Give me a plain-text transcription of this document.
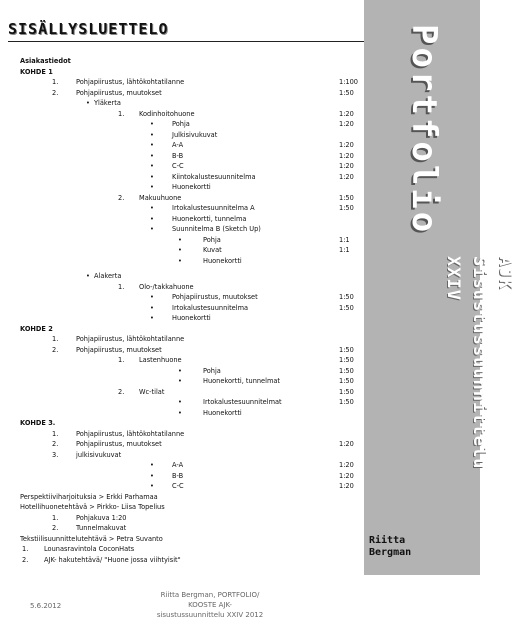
SISÄLLYSLUETTELO
Asiakastiedot
KOHDE 1
1.	Pohjapiirustus, lähtökohtatilanne	1:100
2.	Pohjapiirustus, muutokset	1:50
• Yläkerta
1. Kodinhoitohuone	1:20
•	Pohja	1:20
•	Julkisivukuvat
•	A-A	1:20
•	B-B	1:20
•	C-C	1:20
•	Kiintokalustesuunnitelma	1:20
•	Huonekortti
2. Makuuhuone	1:50
•	Irtokalustesuunnitelma A	1:50
•	Huonekortti, tunnelma
•	Suunnitelma B (Sketch Up)
•	Pohja	1:1
•	Kuvat	1:1
•	Huonekortti
• Alakerta
1. Olo-/takkahuone
•	Pohjapiirustus, muutokset	1:50
•	Irtokalustesuunnitelma	1:50
•	Huonekortti
KOHDE 2
1.	Pohjapiirustus, lähtökohtatilanne
2.	Pohjapiirustus, muutokset	1:50
1. Lastenhuone	1:50
•	Pohja	1:50
•	Huonekortti, tunnelmat	1:50
2. Wc-tilat	1:50
•	Irtokalustesuunnitelmat	1:50
•	Huonekortti
KOHDE 3.
1.	Pohjapiirustus, lähtökohtatilanne
2.	Pohjapiirustus, muutokset	1:20
3.	julkisivukuvat
•	A-A	1:20
•	B-B	1:20
•	C-C	1:20
Perspektiiviharjoituksia > Erkki Parhamaa
Hotellihuonetehtävä > Pirkko- Liisa Topelius
1.	Pohjakuva 1:20
2.	Tunnelmakuvat
Tekstiilisuunnittelutehtävä > Petra Suvanto
1. Lounasravintola CoconHats
2. AJK- hakutehtävä/ "Huone jossa viihtyisit"
Portfolio
AJK
Sisustussuunnittelu
XXIV
Riitta
Bergman
5.6.2012
Riitta Bergman, PORTFOLIO/
KOOSTE AJK-
sisustussuunnittelu XXIV 2012
